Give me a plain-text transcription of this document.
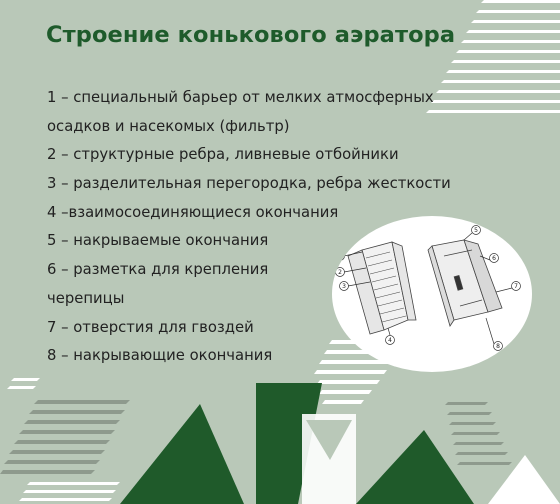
Строение конькового аэратора
1 – специальный барьер от мелких атмосферных
осадков и насекомых (фильтр)
2 – структурные ребра, ливневые отбойники
3 – разделительная перегородка, ребра жесткости
4 –взаимосоединяющиеся окончания
5 – накрываемые окончания
6 – разметка для крепления
черепицы
7 – отверстия для гвоздей
8 – накрывающие окончания
1
2
3
4
5
6
7
8
